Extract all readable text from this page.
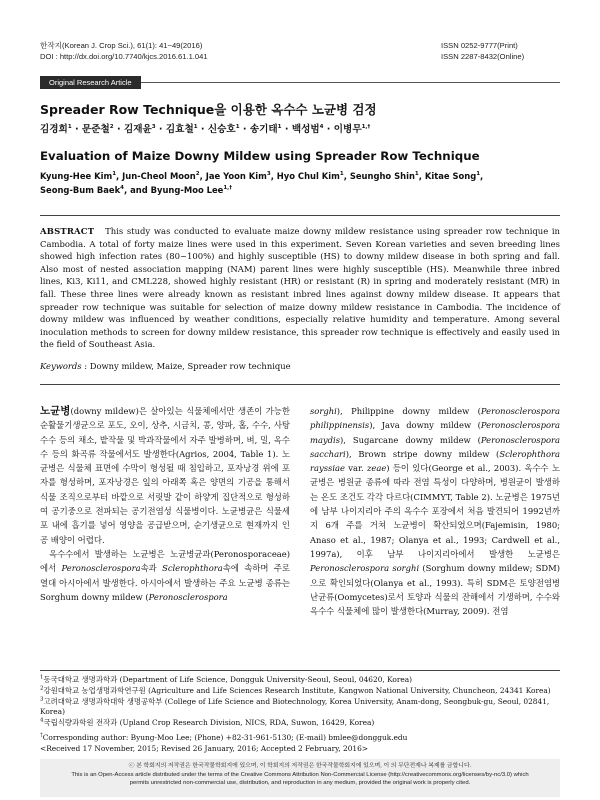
한작지(Korean J. Crop Sci.), 61(1): 41~49(2016)
DOI : http://dx.doi.org/10.7740/kjcs.2016.61.1.041
ISSN 0252-9777(Print)
ISSN 2287-8432(Online)
Original Research Article
Spreader Row Technique을 이용한 옥수수 노균병 검정
김경희$^1$ · 문준철$^2$ · 김재윤$^3$ · 김효철$^1$ · 신승호$^1$ · 송기태$^1$ · 백성범$^4$ · 이병무$^{1,\dagger}$
Evaluation of Maize Downy Mildew using Spreader Row Technique
Kyung-Hee Kim$^1$, Jun-Cheol Moon$^2$, Jae Yoon Kim$^3$, Hyo Chul Kim$^1$, Seungho Shin$^1$, Kitae Song$^1$,
Seong-Bum Baek$^4$, and Byung-Moo Lee$^{1,\dagger}$
ABSTRACT This study was conducted to evaluate maize downy mildew resistance using spreader row technique in Cambodia. A total of forty maize lines were used in this experiment. Seven Korean varieties and seven breeding lines showed high infection rates (80~100%) and highly susceptible (HS) to downy mildew disease in both spring and fall. Also most of nested association mapping (NAM) parent lines were highly susceptible (HS). Meanwhile three inbred lines, Ki3, Ki11, and CML228, showed highly resistant (HR) or resistant (R) in spring and moderately resistant (MR) in fall. These three lines were already known as resistant inbred lines against downy mildew disease. It appears that spreader row technique was suitable for selection of maize downy mildew resistance in Cambodia. The incidence of downy mildew was influenced by weather conditions, especially relative humidity and temperature. Among several inoculation methods to screen for downy mildew resistance, this spreader row technique is effectively and easily used in the field of Southeast Asia.
Keywords : Downy mildew, Maize, Spreader row technique

노균병(downy mildew)은 살아있는 식물체에서만 생존이 가능한 순활물기생균으로 포도, 오이, 상추, 시금치, 콩, 양파, 홉, 수수, 사탕수수 등의 채소, 밭작물 및 박과작물에서 자주 발병하며, 벼, 밀, 옥수수 등의 화곡류 작물에서도 발생한다(Agrios, 2004, Table 1). 노균병은 식물체 표면에 수막이 형성될 때 침입하고, 포자낭경 위에 포자를 형성하며, 포자낭경은 잎의 아래쪽 혹은 양면의 기공을 통해서 식물 조직으로부터 바깥으로 서릿발 같이 하얗게 집단적으로 형성하여 공기중으로 전파되는 공기전염성 식물병이다. 노균병균은 식물세포 내에 흡기를 넣어 영양을 공급받으며, 순기생균으로 현재까지 인공 배양이 어렵다.

옥수수에서 발생하는 노균병은 노균병균과(Peronosporaceae)에서 Peronosclerospora속과 Sclerophthora속에 속하며 주로 열대 아시아에서 발생한다. 아시아에서 발생하는 주요 노균병 종류는 Sorghum downy mildew (Peronosclerospora

sorghi), Philippine downy mildew (Peronosclerospora philippinensis), Java downy mildew (Peronosclerospora maydis), Sugarcane downy mildew (Peronosclerospora sacchari), Brown stripe downy mildew (Sclerophthora rayssiae var. zeae) 등이 있다(George et al., 2003). 옥수수 노균병은 병원균 종류에 따라 전염 특성이 다양하며, 병원균이 발생하는 온도 조건도 각각 다르다(CIMMYT, Table 2). 노균병은 1975년에 남부 나이지리아 주의 옥수수 포장에서 처음 발견되어 1992년까지 6개 주를 거쳐 노균병이 확산되었으며(Fajemisin, 1980; Anaso et al., 1987; Olanya et al., 1993; Cardwell et al., 1997a), 이후 남부 나이지리아에서 발생한 노균병은 Peronosclerospora sorghi (Sorghum downy mildew; SDM)으로 확인되었다(Olanya et al., 1993). 특히 SDM은 토양전염병 난균류(Oomycetes)로서 토양과 식물의 잔해에서 기생하며, 수수와 옥수수 식물체에 많이 발생한다(Murray, 2009). 전염

$^1$동국대학교 생명과학과 (Department of Life Science, Dongguk University-Seoul, Seoul, 04620, Korea)

$^2$강원대학교 농업생명과학연구원 (Agriculture and Life Sciences Research Institute, Kangwon National University, Chuncheon, 24341 Korea)

$^3$고려대학교 생명과학대학 생명공학부 (College of Life Science and Biotechnology, Korea University, Anam-dong, Seongbuk-gu, Seoul, 02841, Korea)

$^4$국립식량과학원 전작과 (Upland Crop Research Division, NICS, RDA, Suwon, 16429, Korea)

†Corresponding author: Byung-Moo Lee; (Phone) +82-31-961-5130; (E-mail) bmlee@dongguk.edu

<Received 17 November, 2015; Revised 26 January, 2016; Accepted 2 February, 2016>

ⓒ 본 학회지의 저작권은 한국작물학회지에 있으며, 이 학회지의 저작권은 한국작물학회지에 있으며, 이 의 무단전재나 복제를 금합니다.

This is an Open-Access article distributed under the terms of the Creative Commons Attribution Non-Commercial License (http://creativecommons.org/licenses/by-nc/3.0) which

permits unrestricted non-commercial use, distribution, and reproduction in any medium, provided the original work is properly cited.
